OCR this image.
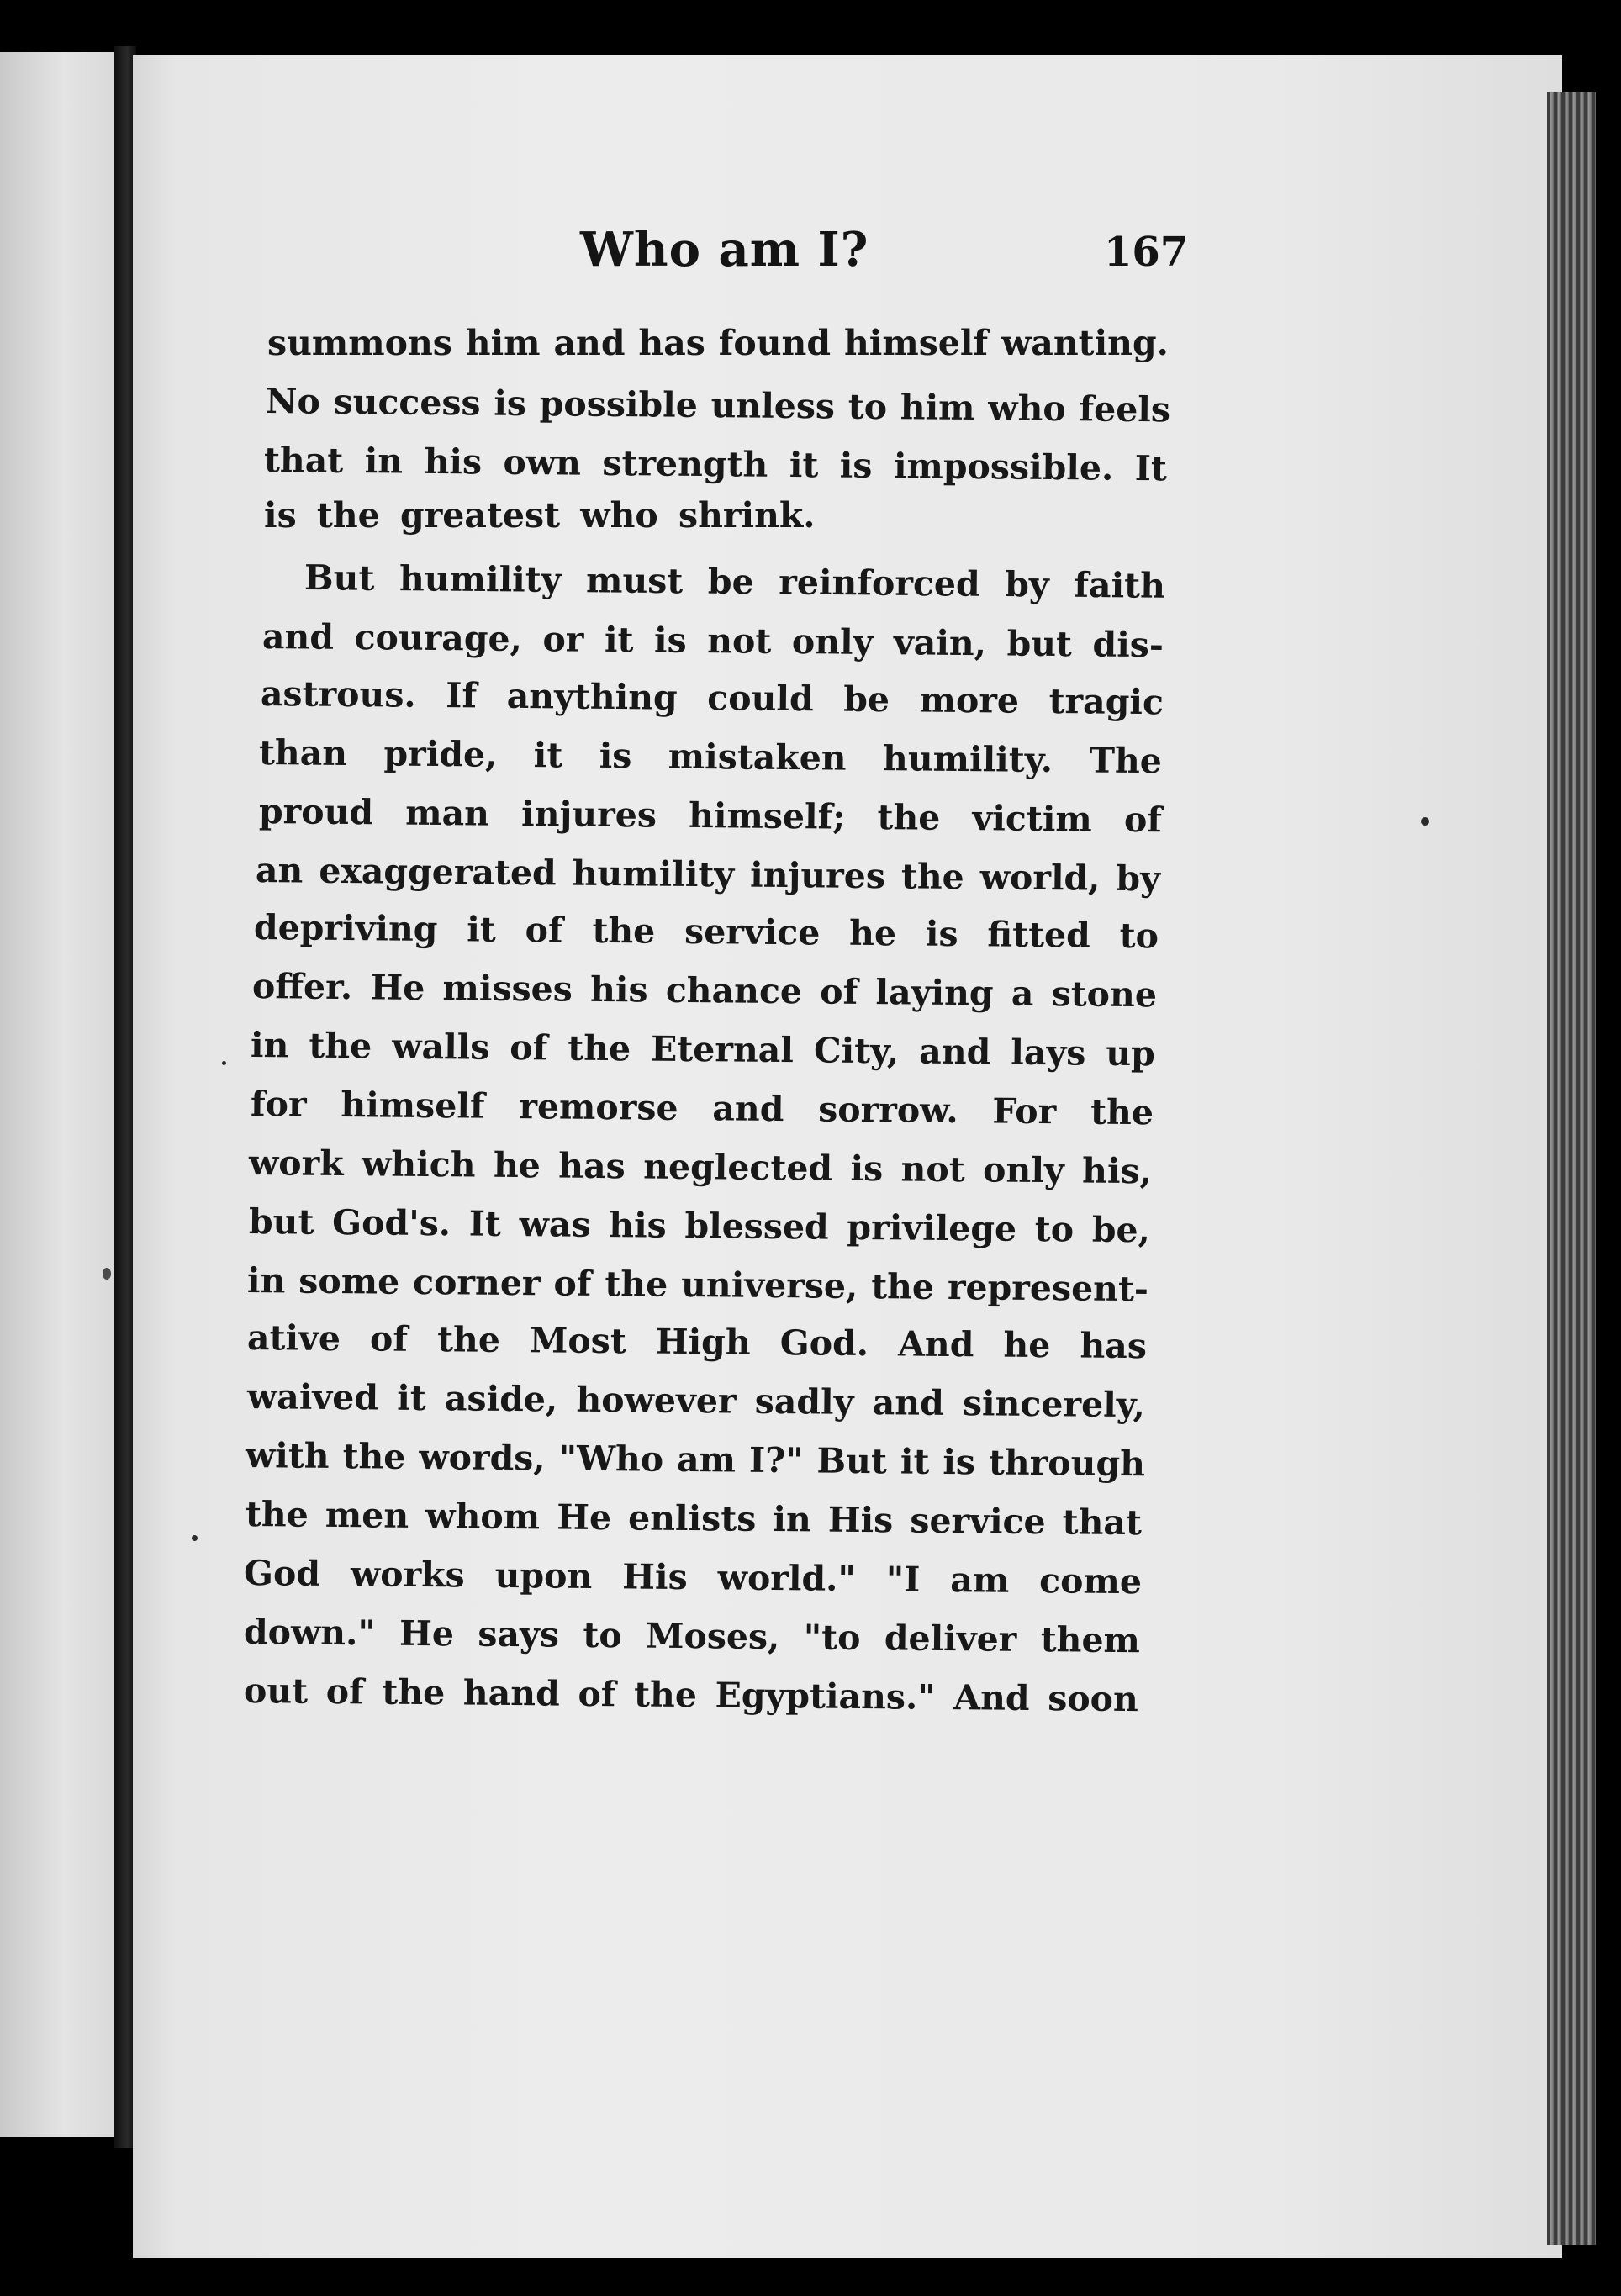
Who am I?	167
summons him and has found himself wanting.
No success is possible unless to him who feels
that in his own strength it is impossible. It
is the greatest who shrink.
But humility must be reinforced by faith
and courage, or it is not only vain, but dis-
astrous. If anything could be more tragic
than pride, it is mistaken humility. The
proud man injures himself; the victim of
an exaggerated humility injures the world, by
depriving it of the service he is fitted to
offer. He misses his chance of laying a stone
in the walls of the Eternal City, and lays up
for himself remorse and sorrow. For the
work which he has neglected is not only his,
but God's. It was his blessed privilege to be,
in some corner of the universe, the represent-
ative of the Most High God. And he has
waived it aside, however sadly and sincerely,
with the words, "Who am I?" But it is through
the men whom He enlists in His service that
God works upon His world." "I am come
down." He says to Moses, "to deliver them
out of the hand of the Egyptians." And soon
